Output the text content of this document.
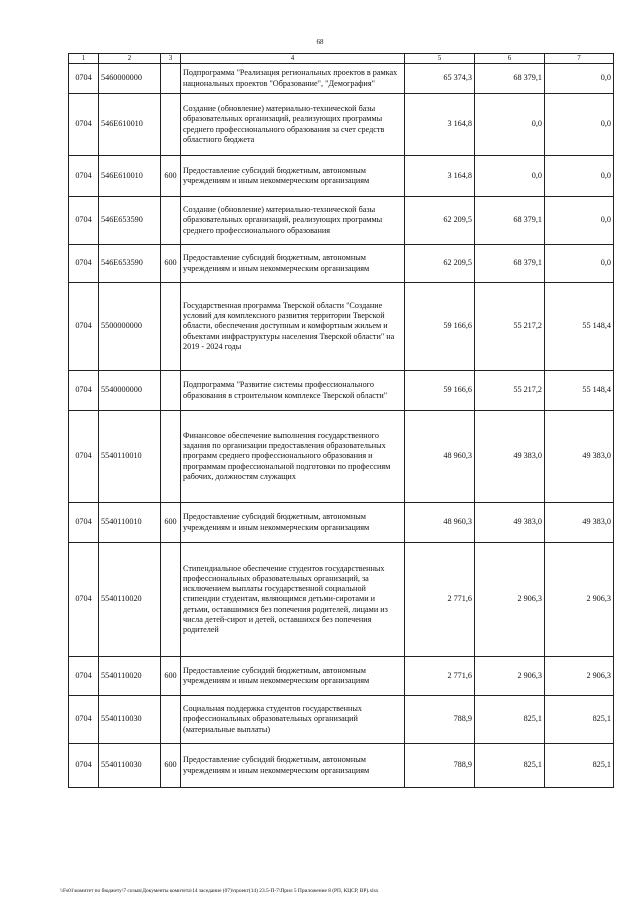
68
1	2	3	4	5	6	7
0704	5460000000		Подпрограмма "Реализация региональных проектов в рамках национальных проектов "Образование", "Демография"	65 374,3	68 379,1	0,0
0704	546E610010		Создание (обновление) материально-технической базы образовательных организаций, реализующих программы среднего профессионального образования за счет средств областного бюджета	3 164,8	0,0	0,0
0704	546E610010	600	Предоставление субсидий бюджетным, автономным учреждениям и иным некоммерческим организациям	3 164,8	0,0	0,0
0704	546E653590		Создание (обновление) материально-технической базы образовательных организаций, реализующих программы среднего профессионального образования	62 209,5	68 379,1	0,0
0704	546E653590	600	Предоставление субсидий бюджетным, автономным учреждениям и иным некоммерческим организациям	62 209,5	68 379,1	0,0
0704	5500000000		Государственная программа Тверской области "Создание условий для комплексного развития территории Тверской области, обеспечения доступным и комфортным жильем и объектами инфраструктуры населения Тверской области" на 2019 - 2024 годы	59 166,6	55 217,2	55 148,4
0704	5540000000		Подпрограмма "Развитие системы профессионального образования в строительном комплексе Тверской области"	59 166,6	55 217,2	55 148,4
0704	5540110010		Финансовое обеспечение выполнения государственного задания по организации предоставления образовательных программ среднего профессионального образования и программам профессиональной подготовки по профессиям рабочих, должностям служащих	48 960,3	49 383,0	49 383,0
0704	5540110010	600	Предоставление субсидий бюджетным, автономным учреждениям и иным некоммерческим организациям	48 960,3	49 383,0	49 383,0
0704	5540110020		Стипендиальное обеспечение студентов государственных профессиональных образовательных организаций, за исключением выплаты государственной социальной стипендии студентам, являющимся детьми-сиротами и детьми, оставшимися без попечения родителей, лицами из числа детей-сирот и детей, оставшихся без попечения родителей	2 771,6	2 906,3	2 906,3
0704	5540110020	600	Предоставление субсидий бюджетным, автономным учреждениям и иным некоммерческим организациям	2 771,6	2 906,3	2 906,3
0704	5540110030		Социальная поддержка студентов государственных профессиональных образовательных организаций (материальные выплаты)	788,9	825,1	825,1
0704	5540110030	600	Предоставление субсидий бюджетным, автономным учреждениям и иным некоммерческим организациям	788,9	825,1	825,1
\\Fs01\комитет по бюджету\7 созыв\Документы комитета\14 заседание (07)\проект(14) 23.5-П-7\Прил 5 Приложение 8 (РП, КЦСР, ВР).xlsx
